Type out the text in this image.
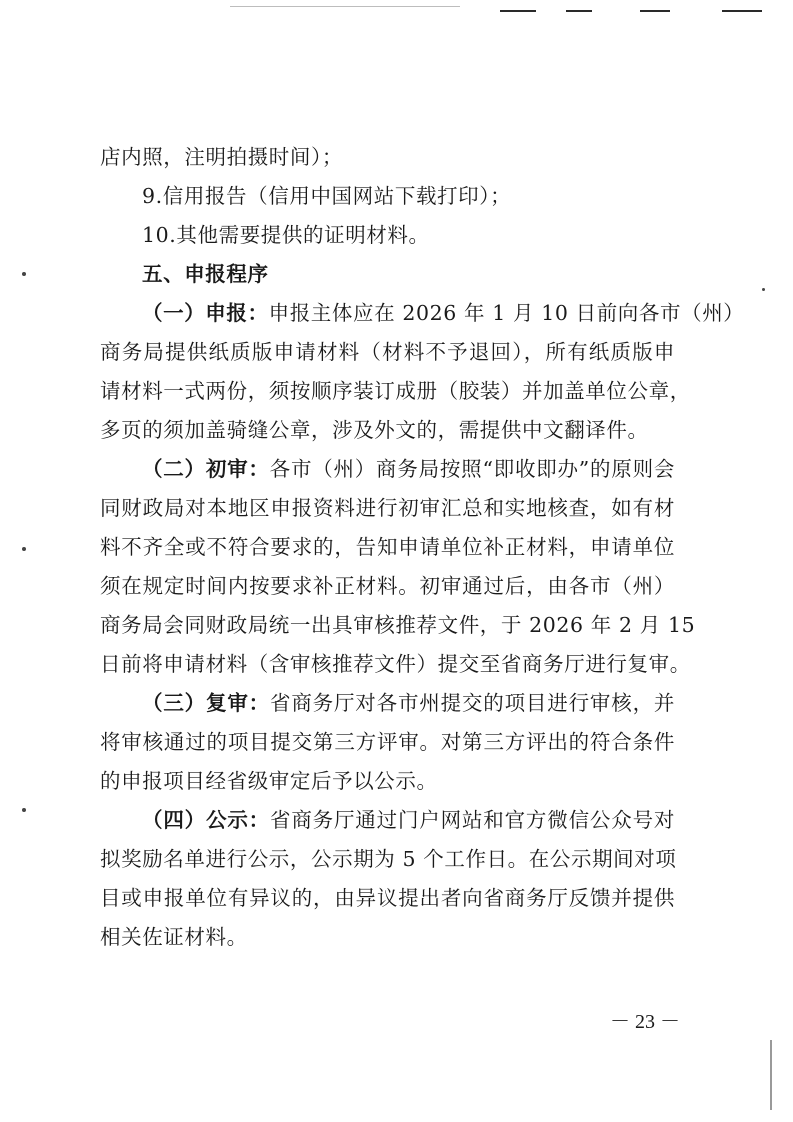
店内照，注明拍摄时间）；
9.信用报告（信用中国网站下载打印）；
10.其他需要提供的证明材料。
五、申报程序
（一）申报：申报主体应在 2026 年 1 月 10 日前向各市（州）
商务局提供纸质版申请材料（材料不予退回），所有纸质版申
请材料一式两份，须按顺序装订成册（胶装）并加盖单位公章，
多页的须加盖骑缝公章，涉及外文的，需提供中文翻译件。
（二）初审：各市（州）商务局按照“即收即办”的原则会
同财政局对本地区申报资料进行初审汇总和实地核查，如有材
料不齐全或不符合要求的，告知申请单位补正材料，申请单位
须在规定时间内按要求补正材料。初审通过后，由各市（州）
商务局会同财政局统一出具审核推荐文件，于 2026 年 2 月 15
日前将申请材料（含审核推荐文件）提交至省商务厅进行复审。
（三）复审：省商务厅对各市州提交的项目进行审核，并
将审核通过的项目提交第三方评审。对第三方评出的符合条件
的申报项目经省级审定后予以公示。
（四）公示：省商务厅通过门户网站和官方微信公众号对
拟奖励名单进行公示，公示期为 5 个工作日。在公示期间对项
目或申报单位有异议的，由异议提出者向省商务厅反馈并提供
相关佐证材料。
－ 23 －
